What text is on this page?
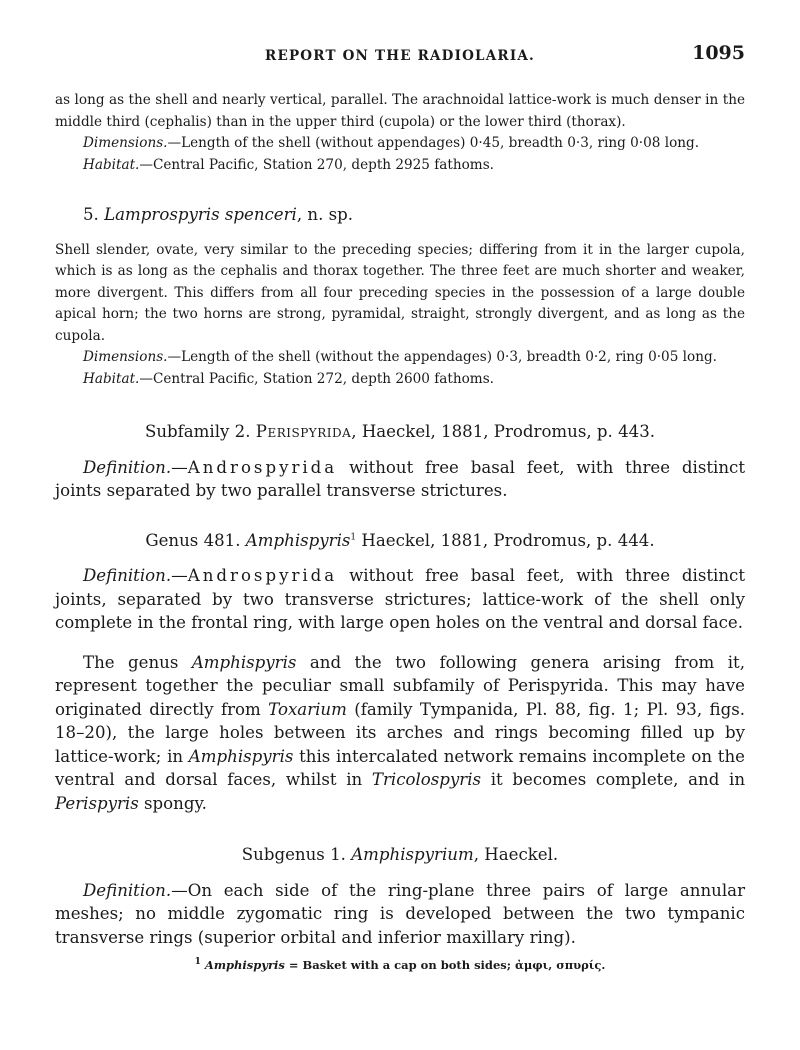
REPORT ON THE RADIOLARIA.	1095

as long as the shell and nearly vertical, parallel. The arachnoidal lattice-work is much denser in the middle third (cephalis) than in the upper third (cupola) or the lower third (thorax).

Dimensions.—Length of the shell (without appendages) 0·45, breadth 0·3, ring 0·08 long.

Habitat.—Central Pacific, Station 270, depth 2925 fathoms.

5. Lamprospyris spenceri, n. sp.

Shell slender, ovate, very similar to the preceding species; differing from it in the larger cupola, which is as long as the cephalis and thorax together. The three feet are much shorter and weaker, more divergent. This differs from all four preceding species in the possession of a large double apical horn; the two horns are strong, pyramidal, straight, strongly divergent, and as long as the cupola.

Dimensions.—Length of the shell (without the appendages) 0·3, breadth 0·2, ring 0·05 long.

Habitat.—Central Pacific, Station 272, depth 2600 fathoms.

Subfamily 2. Perispyrida, Haeckel, 1881, Prodromus, p. 443.

Definition.—Androspyrida without free basal feet, with three distinct joints separated by two parallel transverse strictures.

Genus 481. Amphispyris$^1$ Haeckel, 1881, Prodromus, p. 444.

Definition.—Androspyrida without free basal feet, with three distinct joints, separated by two transverse strictures; lattice-work of the shell only complete in the frontal ring, with large open holes on the ventral and dorsal face.

The genus Amphispyris and the two following genera arising from it, represent together the peculiar small subfamily of Perispyrida. This may have originated directly from Toxarium (family Tympanida, Pl. 88, fig. 1; Pl. 93, figs. 18–20), the large holes between its arches and rings becoming filled up by lattice-work; in Amphispyris this intercalated network remains incomplete on the ventral and dorsal faces, whilst in Tricolospyris it becomes complete, and in Perispyris spongy.

Subgenus 1. Amphispyrium, Haeckel.

Definition.—On each side of the ring-plane three pairs of large annular meshes; no middle zygomatic ring is developed between the two tympanic transverse rings (superior orbital and inferior maxillary ring).

$^1$ Amphispyris = Basket with a cap on both sides; ἀμφι, σπυρίς.
